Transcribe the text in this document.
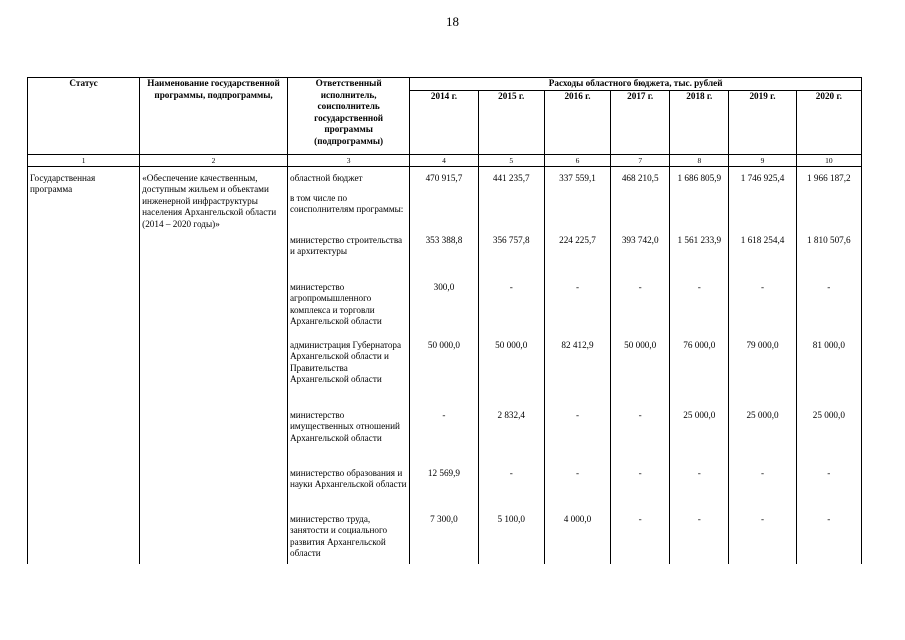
18
Статус	Наименование государственной программы, подпрограммы,	Ответственный исполнитель, соисполнитель государственной программы (подпрограммы)	Расходы областного бюджета, тыс. рублей						
			2014 г.	2015 г.	2016 г.	2017 г.	2018 г.	2019 г.	2020 г.
1	2	3	4	5	6	7	8	9	10

Государственная программа	«Обеспечение качественным, доступным жильем и объектами инженерной инфраструктуры населения Архангельской области (2014 – 2020 годы)»	областной бюджет	470 915,7	441 235,7	337 559,1	468 210,5	1 686 805,9	1 746 925,4	1 966 187,2
		в том числе по соисполнителям программы:							
		министерство строительства и архитектуры	353 388,8	356 757,8	224 225,7	393 742,0	1 561 233,9	1 618 254,4	1 810 507,6
		министерство агропромышленного комплекса и торговли Архангельской области	300,0	-	-	-	-	-	-
		администрация Губернатора Архангельской области и Правительства Архангельской области	50 000,0	50 000,0	82 412,9	50 000,0	76 000,0	79 000,0	81 000,0
		министерство имущественных отношений Архангельской области	-	2 832,4	-	-	25 000,0	25 000,0	25 000,0
		министерство образования и науки Архангельской области	12 569,9	-	-	-	-	-	-
		министерство труда, занятости и социального развития Архангельской области	7 300,0	5 100,0	4 000,0	-	-	-	-
